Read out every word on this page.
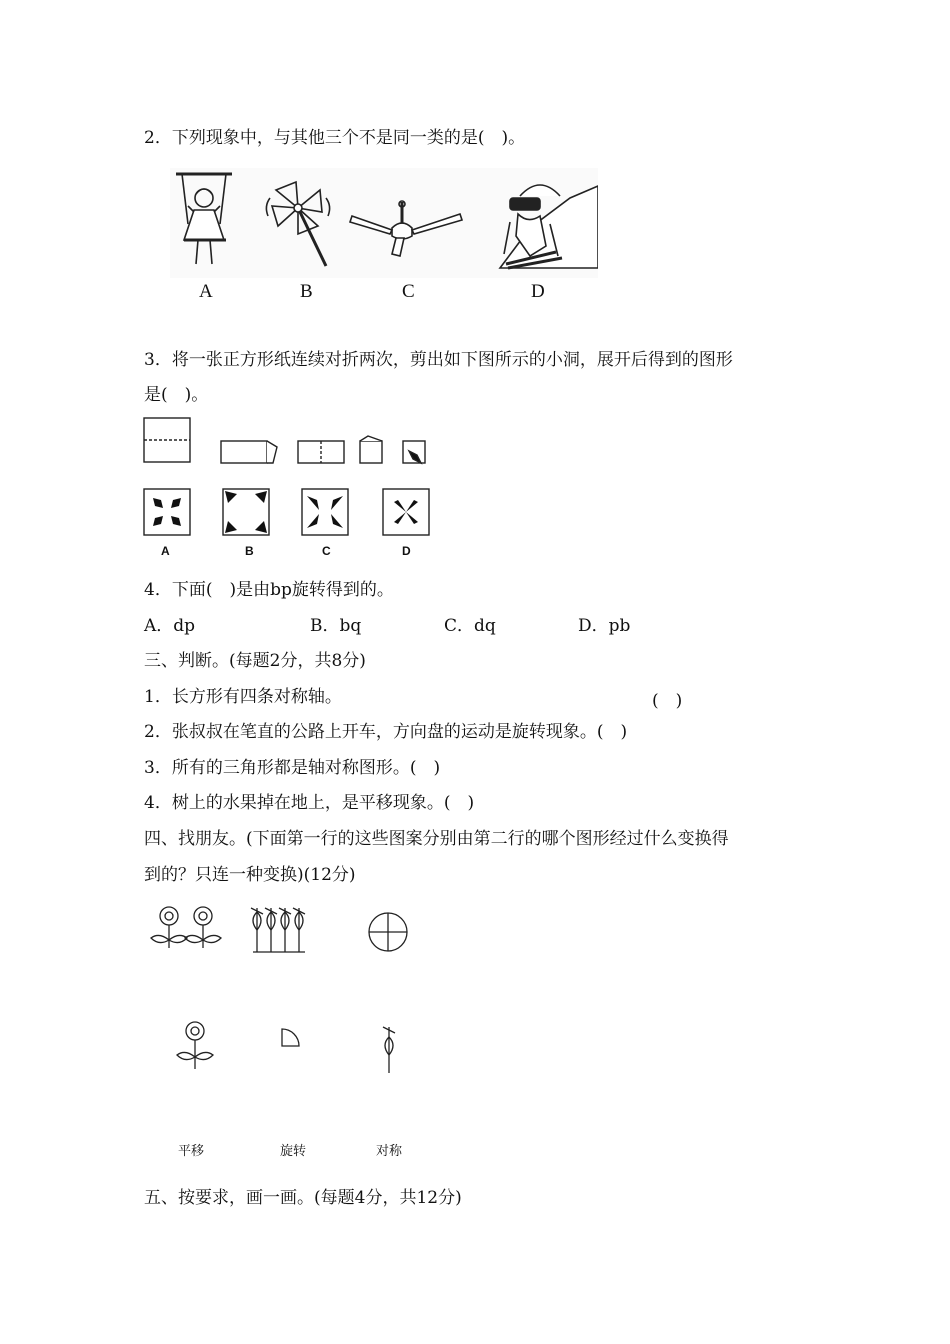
2．下列现象中，与其他三个不是同一类的是(　)。
A	B	C	D
3．将一张正方形纸连续对折两次，剪出如下图所示的小洞，展开后得到的图形
是(　)。
A	B	C	D
4．下面(　)是由bp旋转得到的。
A．dp	B．bq	C．dq	D．pb
三、判断。(每题2分，共8分)
1．长方形有四条对称轴。	(　)
2．张叔叔在笔直的公路上开车，方向盘的运动是旋转现象。(　)
3．所有的三角形都是轴对称图形。(　)
4．树上的水果掉在地上，是平移现象。(　)
四、找朋友。(下面第一行的这些图案分别由第二行的哪个图形经过什么变换得
到的？只连一种变换)(12分)
平移	旋转	对称
五、按要求，画一画。(每题4分，共12分)
